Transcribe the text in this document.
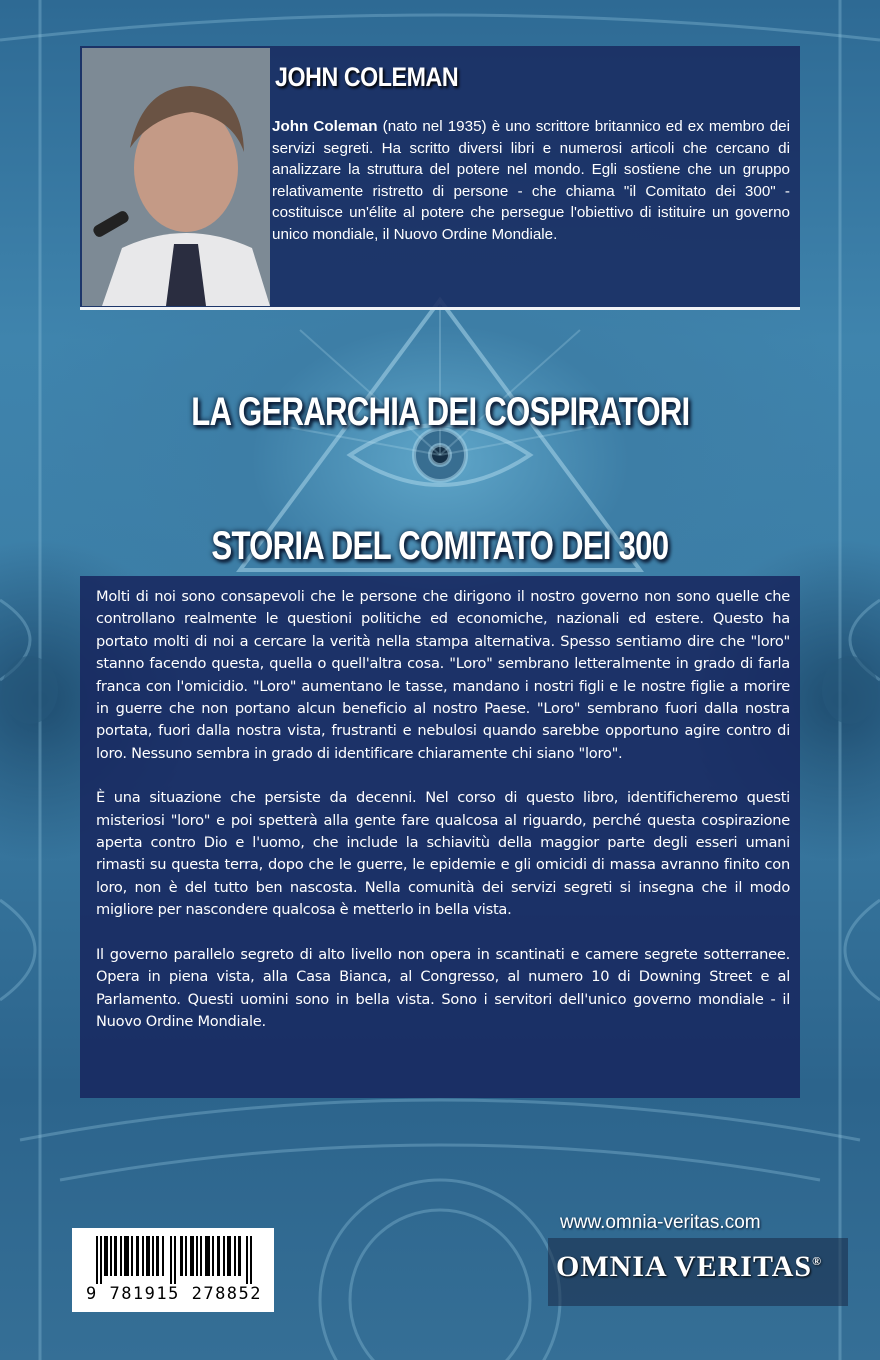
JOHN COLEMAN

John Coleman (nato nel 1935) è uno scrittore britannico ed ex membro dei servizi segreti. Ha scritto diversi libri e numerosi articoli che cercano di analizzare la struttura del potere nel mondo. Egli sostiene che un gruppo relativamente ristretto di persone - che chiama "il Comitato dei 300" - costituisce un'élite al potere che persegue l'obiettivo di istituire un governo unico mondiale, il Nuovo Ordine Mondiale.

LA GERARCHIA DEI COSPIRATORI
STORIA DEL COMITATO DEI 300

Molti di noi sono consapevoli che le persone che dirigono il nostro governo non sono quelle che controllano realmente le questioni politiche ed economiche, nazionali ed estere. Questo ha portato molti di noi a cercare la verità nella stampa alternativa. Spesso sentiamo dire che "loro" stanno facendo questa, quella o quell'altra cosa. "Loro" sembrano letteralmente in grado di farla franca con l'omicidio. "Loro" aumentano le tasse, mandano i nostri figli e le nostre figlie a morire in guerre che non portano alcun beneficio al nostro Paese. "Loro" sembrano fuori dalla nostra portata, fuori dalla nostra vista, frustranti e nebulosi quando sarebbe opportuno agire contro di loro. Nessuno sembra in grado di identificare chiaramente chi siano "loro".

È una situazione che persiste da decenni. Nel corso di questo libro, identificheremo questi misteriosi "loro" e poi spetterà alla gente fare qualcosa al riguardo, perché questa cospirazione aperta contro Dio e l'uomo, che include la schiavitù della maggior parte degli esseri umani rimasti su questa terra, dopo che le guerre, le epidemie e gli omicidi di massa avranno finito con loro, non è del tutto ben nascosta. Nella comunità dei servizi segreti si insegna che il modo migliore per nascondere qualcosa è metterlo in bella vista.

Il governo parallelo segreto di alto livello non opera in scantinati e camere segrete sotterranee. Opera in piena vista, alla Casa Bianca, al Congresso, al numero 10 di Downing Street e al Parlamento. Questi uomini sono in bella vista. Sono i servitori dell'unico governo mondiale - il Nuovo Ordine Mondiale.

www.omnia-veritas.com
OMNIA VERITAS®
9 781915 278852
